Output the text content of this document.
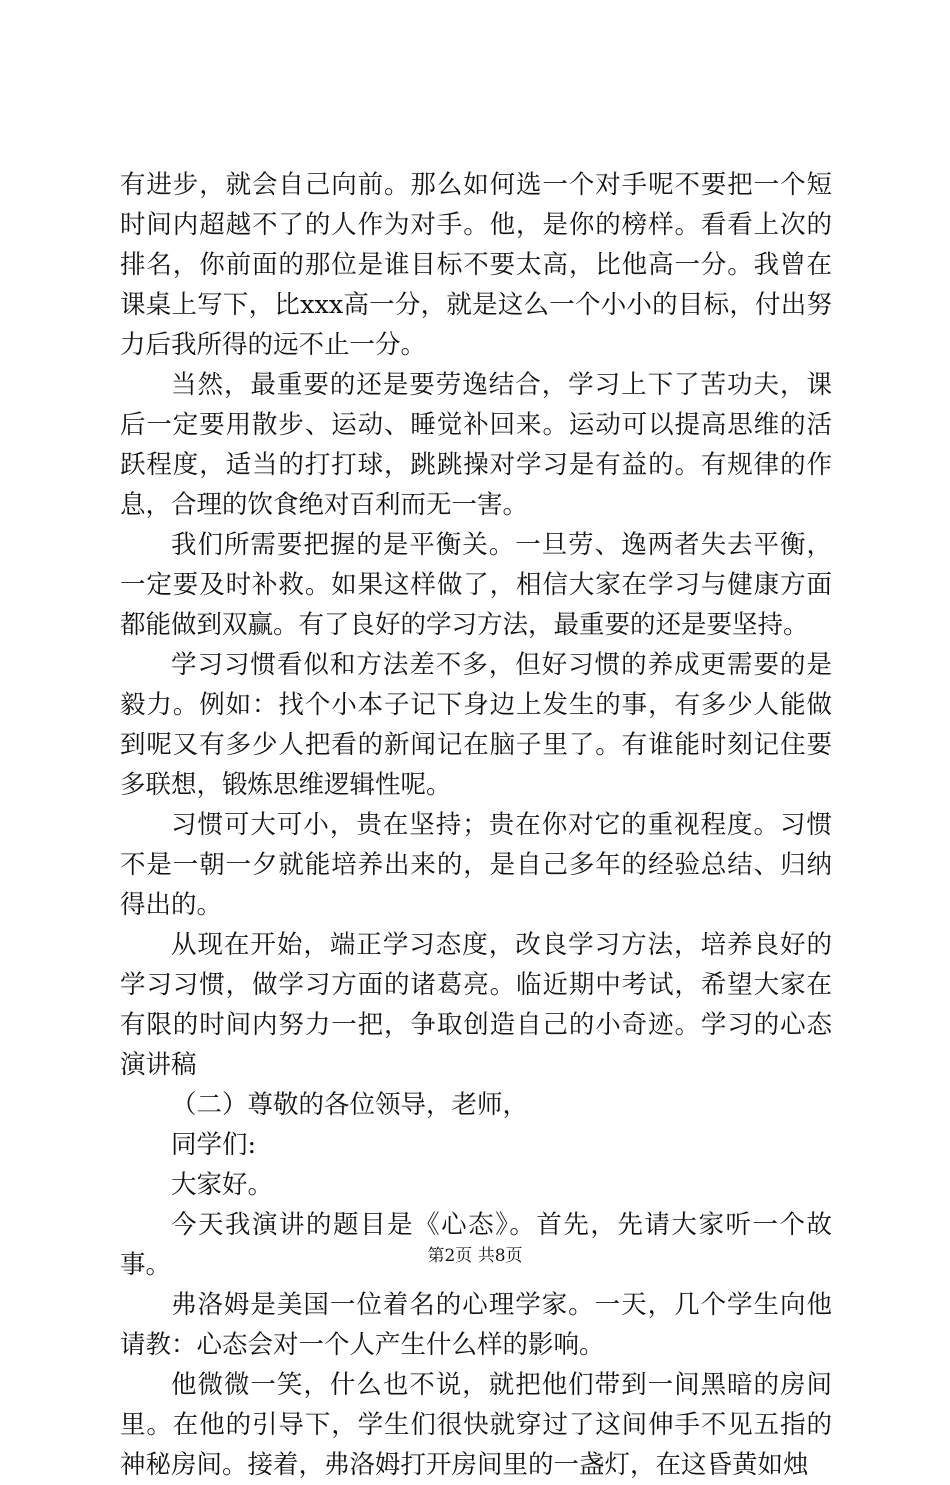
有进步，就会自己向前。那么如何选一个对手呢不要把一个短时间内超越不了的人作为对手。他，是你的榜样。看看上次的排名，你前面的那位是谁目标不要太高，比他高一分。我曾在课桌上写下，比xxx高一分，就是这么一个小小的目标，付出努力后我所得的远不止一分。

当然，最重要的还是要劳逸结合，学习上下了苦功夫，课后一定要用散步、运动、睡觉补回来。运动可以提高思维的活跃程度，适当的打打球，跳跳操对学习是有益的。有规律的作息，合理的饮食绝对百利而无一害。

我们所需要把握的是平衡关。一旦劳、逸两者失去平衡，一定要及时补救。如果这样做了，相信大家在学习与健康方面都能做到双赢。有了良好的学习方法，最重要的还是要坚持。

学习习惯看似和方法差不多，但好习惯的养成更需要的是毅力。例如：找个小本子记下身边上发生的事，有多少人能做到呢又有多少人把看的新闻记在脑子里了。有谁能时刻记住要多联想，锻炼思维逻辑性呢。

习惯可大可小，贵在坚持；贵在你对它的重视程度。习惯不是一朝一夕就能培养出来的，是自己多年的经验总结、归纳得出的。

从现在开始，端正学习态度，改良学习方法，培养良好的学习习惯，做学习方面的诸葛亮。临近期中考试，希望大家在有限的时间内努力一把，争取创造自己的小奇迹。学习的心态演讲稿

（二）尊敬的各位领导，老师，

同学们:

大家好。

今天我演讲的题目是《心态》。首先，先请大家听一个故事。

弗洛姆是美国一位着名的心理学家。一天，几个学生向他请教：心态会对一个人产生什么样的影响。

他微微一笑，什么也不说，就把他们带到一间黑暗的房间里。在他的引导下，学生们很快就穿过了这间伸手不见五指的神秘房间。接着，弗洛姆打开房间里的一盏灯，在这昏黄如烛

第2页 共8页
